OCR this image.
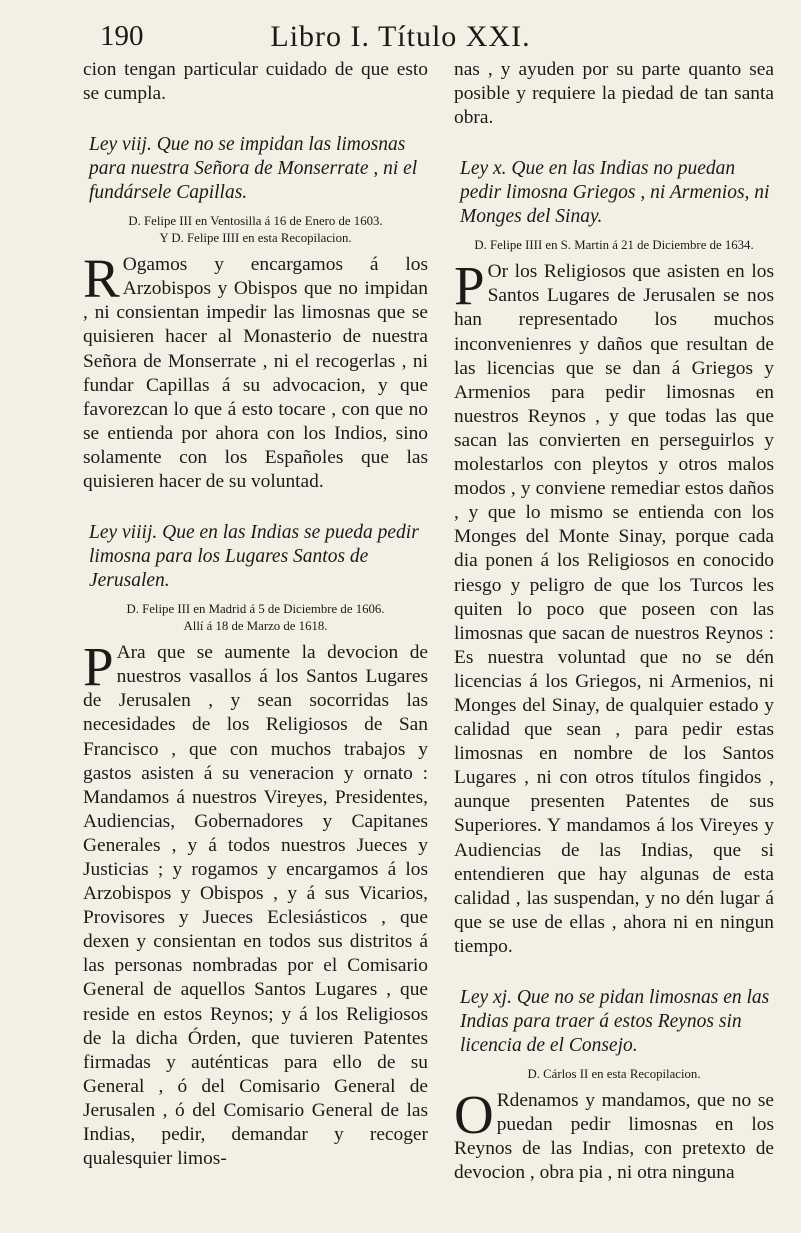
190	Libro I. Título XXI.

cion tengan particular cuidado de que esto se cumpla.

Ley viij. Que no se impidan las limosnas para nuestra Señora de Monserrate , ni el fundársele Capillas.

D. Felipe III en Ventosilla á 16 de Enero de 1603.
Y D. Felipe IIII en esta Recopilacion.

R Ogamos y encargamos á los Arzobispos y Obispos que no impidan , ni consientan impedir las limosnas que se quisieren hacer al Monasterio de nuestra Señora de Monserrate , ni el recogerlas , ni fundar Capillas á su advocacion, y que favorezcan lo que á esto tocare , con que no se entienda por ahora con los Indios, sino solamente con los Españoles que las quisieren hacer de su voluntad.

Ley viiij. Que en las Indias se pueda pedir limosna para los Lugares Santos de Jerusalen.

D. Felipe III en Madrid á 5 de Diciembre de 1606.
Allí á 18 de Marzo de 1618.

P Ara que se aumente la devocion de nuestros vasallos á los Santos Lugares de Jerusalen , y sean socorridas las necesidades de los Religiosos de San Francisco , que con muchos trabajos y gastos asisten á su veneracion y ornato : Mandamos á nuestros Vireyes, Presidentes, Audiencias, Gobernadores y Capitanes Generales , y á todos nuestros Jueces y Justicias ; y rogamos y encargamos á los Arzobispos y Obispos , y á sus Vicarios, Provisores y Jueces Eclesiásticos , que dexen y consientan en todos sus distritos á las personas nombradas por el Comisario General de aquellos Santos Lugares , que reside en estos Reynos; y á los Religiosos de la dicha Órden, que tuvieren Patentes firmadas y auténticas para ello de su General , ó del Comisario General de Jerusalen , ó del Comisario General de las Indias, pedir, demandar y recoger qualesquier limos-

nas , y ayuden por su parte quanto sea posible y requiere la piedad de tan santa obra.

Ley x. Que en las Indias no puedan pedir limosna Griegos , ni Armenios, ni Monges del Sinay.

D. Felipe IIII en S. Martin á 21 de Diciembre de 1634.

P Or los Religiosos que asisten en los Santos Lugares de Jerusalen se nos han representado los muchos inconvenienres y daños que resultan de las licencias que se dan á Griegos y Armenios para pedir limosnas en nuestros Reynos , y que todas las que sacan las convierten en perseguirlos y molestarlos con pleytos y otros malos modos , y conviene remediar estos daños , y que lo mismo se entienda con los Monges del Monte Sinay, porque cada dia ponen á los Religiosos en conocido riesgo y peligro de que los Turcos les quiten lo poco que poseen con las limosnas que sacan de nuestros Reynos : Es nuestra voluntad que no se dén licencias á los Griegos, ni Armenios, ni Monges del Sinay, de qualquier estado y calidad que sean , para pedir estas limosnas en nombre de los Santos Lugares , ni con otros títulos fingidos , aunque presenten Patentes de sus Superiores. Y mandamos á los Vireyes y Audiencias de las Indias, que si entendieren que hay algunas de esta calidad , las suspendan, y no dén lugar á que se use de ellas , ahora ni en ningun tiempo.

Ley xj. Que no se pidan limosnas en las Indias para traer á estos Reynos sin licencia de el Consejo.

D. Cárlos II en esta Recopilacion.

O Rdenamos y mandamos, que no se puedan pedir limosnas en los Reynos de las Indias, con pretexto de devocion , obra pia , ni otra ninguna
